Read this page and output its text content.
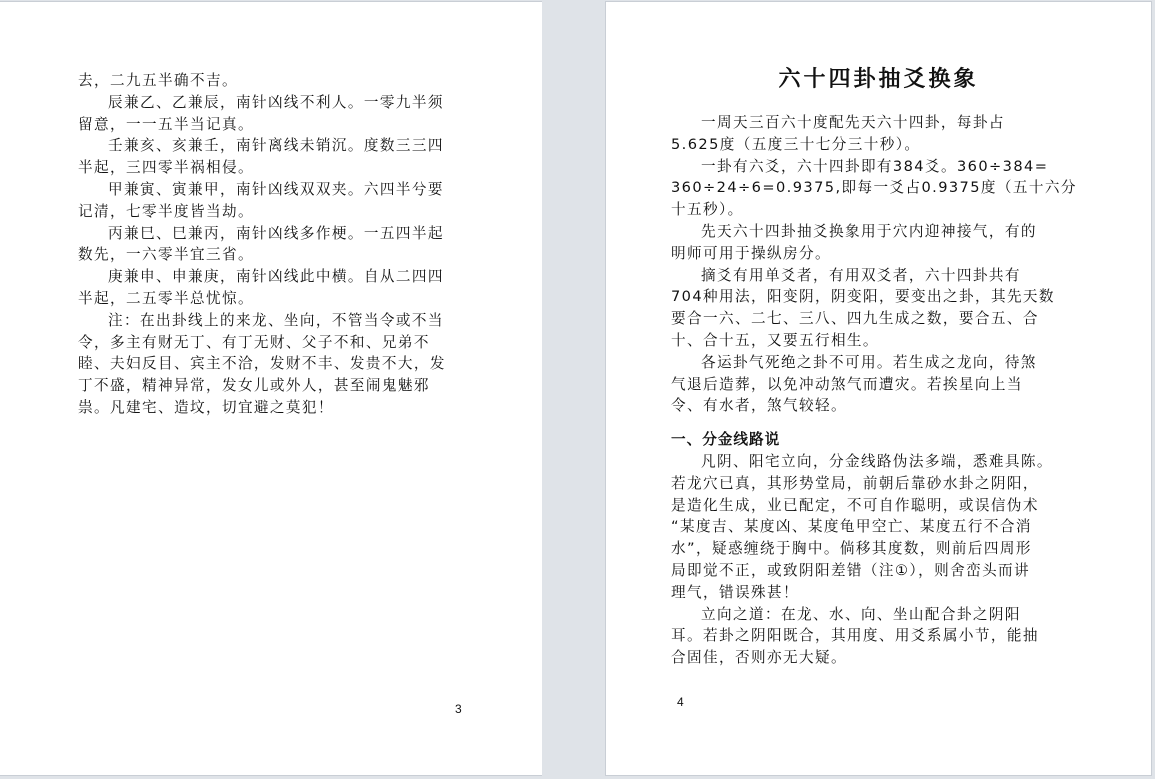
去，二九五半确不吉。
辰兼乙、乙兼辰，南针凶线不利人。一零九半须
留意，一一五半当记真。
壬兼亥、亥兼壬，南针离线未销沉。度数三三四
半起，三四零半祸相侵。
甲兼寅、寅兼甲，南针凶线双双夹。六四半兮要
记清，七零半度皆当劫。
丙兼巳、巳兼丙，南针凶线多作梗。一五四半起
数先，一六零半宜三省。
庚兼申、申兼庚，南针凶线此中横。自从二四四
半起，二五零半总忧惊。
注：在出卦线上的来龙、坐向，不管当令或不当
令，多主有财无丁、有丁无财、父子不和、兄弟不
睦、夫妇反目、宾主不洽，发财不丰、发贵不大，发
丁不盛，精神异常，发女儿或外人，甚至闹鬼魅邪
祟。凡建宅、造坟，切宜避之莫犯！
3
六十四卦抽爻换象
一周天三百六十度配先天六十四卦，每卦占
5.625度（五度三十七分三十秒）。
一卦有六爻，六十四卦即有384爻。360÷384=
360÷24÷6=0.9375,即每一爻占0.9375度（五十六分
十五秒）。
先天六十四卦抽爻换象用于穴内迎神接气，有的
明师可用于操纵房分。
摘爻有用单爻者，有用双爻者，六十四卦共有
704种用法，阳变阴，阴变阳，要变出之卦，其先天数
要合一六、二七、三八、四九生成之数，要合五、合
十、合十五，又要五行相生。
各运卦气死绝之卦不可用。若生成之龙向，待煞
气退后造葬，以免冲动煞气而遭灾。若挨星向上当
令、有水者，煞气较轻。
一、分金线路说
凡阴、阳宅立向，分金线路伪法多端，悉难具陈。
若龙穴已真，其形势堂局，前朝后靠砂水卦之阴阳，
是造化生成，业已配定，不可自作聪明，或误信伪术
“某度吉、某度凶、某度龟甲空亡、某度五行不合消
水”，疑惑缠绕于胸中。倘移其度数，则前后四周形
局即觉不正，或致阴阳差错（注①），则舍峦头而讲
理气，错误殊甚！
立向之道：在龙、水、向、坐山配合卦之阴阳
耳。若卦之阴阳既合，其用度、用爻系属小节，能抽
合固佳，否则亦无大疑。
4
